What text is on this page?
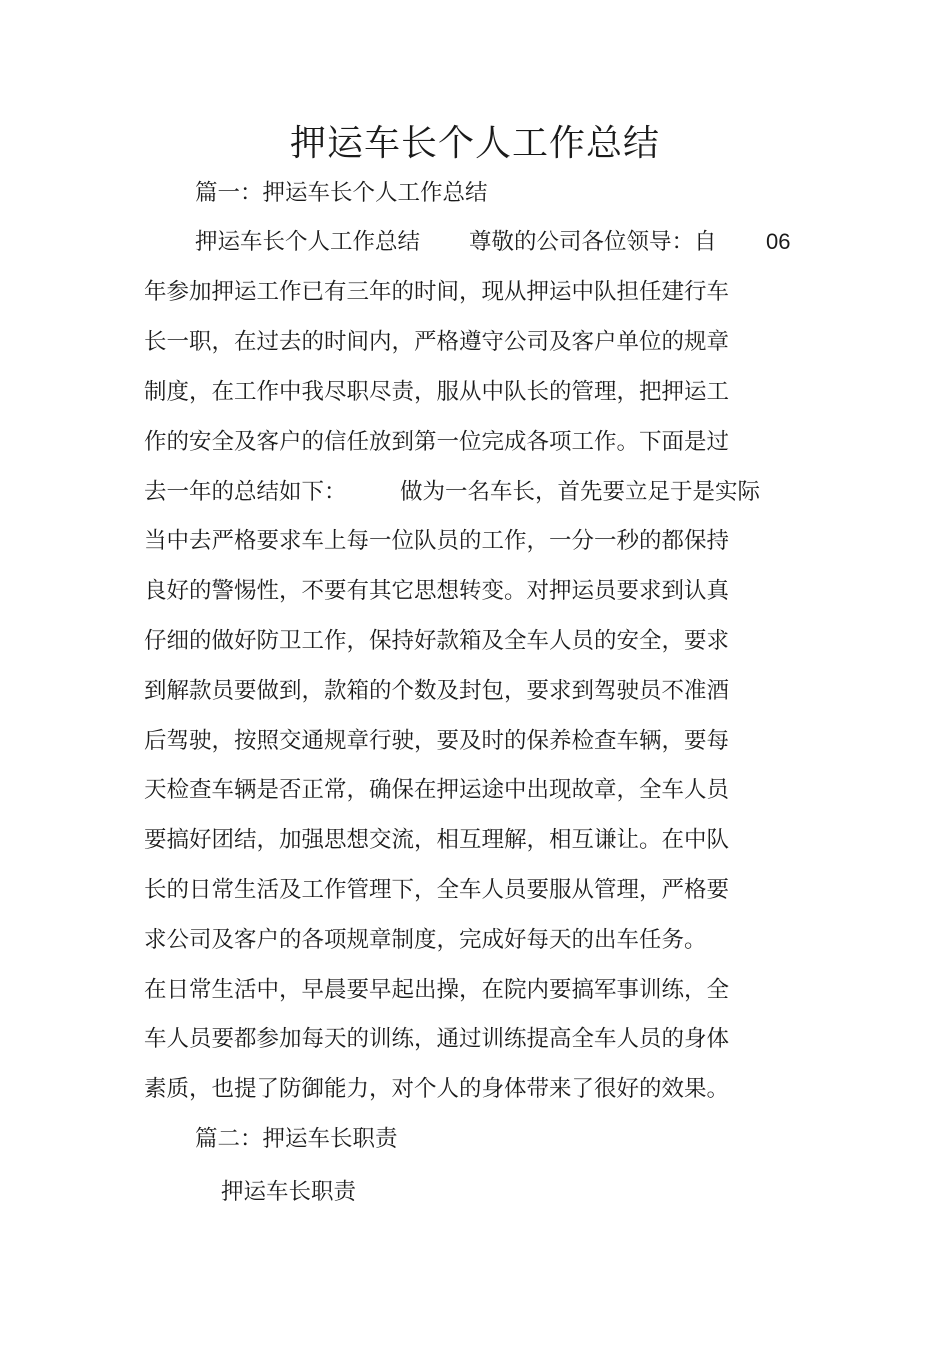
押运车长个人工作总结
篇一：押运车长个人工作总结
押运车长个人工作总结 尊敬的公司各位领导：自 06
年参加押运工作已有三年的时间，现从押运中队担任建行车
长一职，在过去的时间内，严格遵守公司及客户单位的规章
制度，在工作中我尽职尽责，服从中队长的管理，把押运工
作的安全及客户的信任放到第一位完成各项工作。下面是过
去一年的总结如下： 做为一名车长，首先要立足于是实际
当中去严格要求车上每一位队员的工作，一分一秒的都保持
良好的警惕性，不要有其它思想转变。对押运员要求到认真
仔细的做好防卫工作，保持好款箱及全车人员的安全，要求
到解款员要做到，款箱的个数及封包，要求到驾驶员不准酒
后驾驶，按照交通规章行驶，要及时的保养检查车辆，要每
天检查车辆是否正常，确保在押运途中出现故章，全车人员
要搞好团结，加强思想交流，相互理解，相互谦让。在中队
长的日常生活及工作管理下，全车人员要服从管理，严格要
求公司及客户的各项规章制度，完成好每天的出车任务。
在日常生活中，早晨要早起出操，在院内要搞军事训练，全
车人员要都参加每天的训练，通过训练提高全车人员的身体
素质，也提了防御能力，对个人的身体带来了很好的效果。
篇二：押运车长职责
押运车长职责
